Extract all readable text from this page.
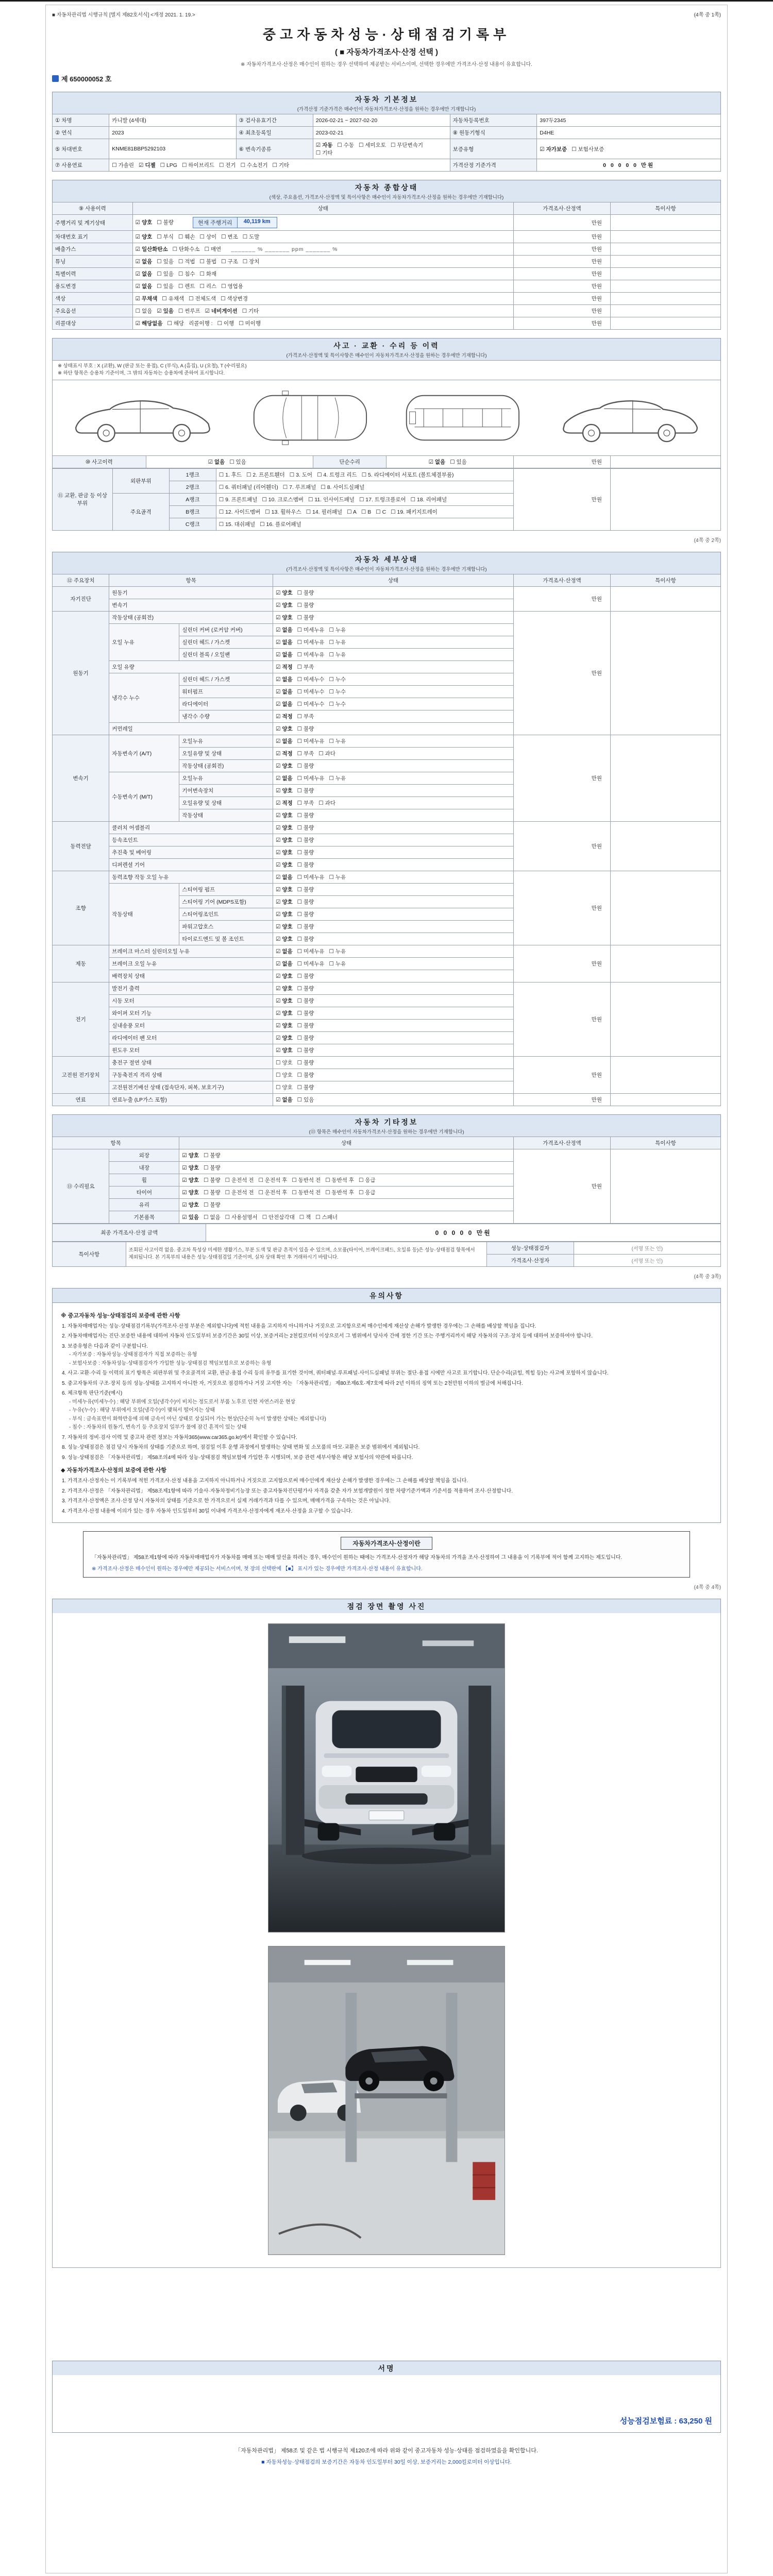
■ 자동차관리법 시행규칙 [별지 제82호서식] <개정 2021. 1. 19.>	(4쪽 중 1쪽)
중고자동차성능·상태점검기록부
( ■ 자동차가격조사·산정 선택 )
※ 자동차가격조사·산정은 매수인이 원하는 경우 선택하여 제공받는 서비스이며, 선택한 경우에만 가격조사·산정 내용이 유효합니다.
제 650000052 호
자동차 기본정보
(가격산정 기준가격은 매수인이 자동차가격조사·산정을 원하는 경우에만 기재합니다)
① 차명	카니발 (4세대)	③ 검사유효기간	2026-02-21 ~ 2027-02-20	자동차등록번호	397두2345
② 연식	2023	④ 최초등록일	2023-02-21	⑧ 원동기형식	D4HE
⑤ 차대번호	KNME81BBP5292103	⑥ 변속기종류	☑ 자동 ☐ 수동 ☐ 세미오토 ☐ 무단변속기☐ 기타	보증유형	☑ 자가보증 ☐ 보험사보증
⑦ 사용연료	☐ 가솔린 ☑ 디젤 ☐ LPG ☐ 하이브리드 ☐ 전기 ☐ 수소전기 ☐ 기타			가격산정 기준가격	0 0 0 0 0 만원
자동차 종합상태
(색상, 주요옵션, 가격조사·산정액 및 특이사항은 매수인이 자동차가격조사·산정을 원하는 경우에만 기재합니다)
⑨ 사용이력	상태	가격조사·산정액	특이사항
주행거리 및 계기상태	☑ 양호 ☐ 불량 현재 주행거리 40,119 km	만원	
차대번호 표기	☑ 양호 ☐ 부식 ☐ 훼손 ☐ 상이 ☐ 변조 ☐ 도말	만원	
배출가스	☑ 일산화탄소 ☐ 탄화수소 ☐ 매연 _______ % _______ ppm _______ %	만원	
튜닝	☑ 없음 ☐ 있음 ☐ 적법 ☐ 불법 ☐ 구조 ☐ 장치	만원	
특별이력	☑ 없음 ☐ 있음 ☐ 침수 ☐ 화재	만원	
용도변경	☑ 없음 ☐ 있음 ☐ 렌트 ☐ 리스 ☐ 영업용	만원	
색상	☑ 무채색 ☐ 유채색 ☐ 전체도색 ☐ 색상변경	만원	
주요옵션	☐ 없음 ☑ 있음 ☐ 썬루프 ☑ 네비게이션 ☐ 기타	만원	
리콜대상	☑ 해당없음 ☐ 해당 리콜이행 : ☐ 이행 ☐ 미이행	만원	
사고 · 교환 · 수리 등 이력
(가격조사·산정액 및 특이사항은 매수인이 자동차가격조사·산정을 원하는 경우에만 기재합니다)
※ 상태표시 부호 : X (교환), W (판금 또는 용접), C (부식), A (흠집), U (요철), T (수리필요)
※ 하단 항목은 승용차 기준이며, 그 밖의 자동차는 승용차에 준하여 표시합니다.
⑩ 사고이력	☑ 없음 ☐ 있음	단순수리	☑ 없음 ☐ 있음	만원	
⑪ 교환, 판금 등 이상 부위	외판부위	1랭크	☐ 1. 후드 ☐ 2. 프론트휀더 ☐ 3. 도어 ☐ 4. 트렁크 리드 ☐ 5. 라디에이터 서포트 (볼트체결부품)	만원	
		2랭크	☐ 6. 쿼터패널 (리어휀더) ☐ 7. 루프패널 ☐ 8. 사이드실패널		
	주요골격	A랭크	☐ 9. 프론트패널 ☐ 10. 크로스멤버 ☐ 11. 인사이드패널 ☐ 17. 트렁크플로어 ☐ 18. 리어패널		
		B랭크	☐ 12. 사이드멤버 ☐ 13. 휠하우스 ☐ 14. 필러패널 ☐ A ☐ B ☐ C ☐ 19. 패키지트레이		
		C랭크	☐ 15. 대쉬패널 ☐ 16. 플로어패널		
(4쪽 중 2쪽)
자동차 세부상태
(가격조사·산정액 및 특이사항은 매수인이 자동차가격조사·산정을 원하는 경우에만 기재합니다)
⑫ 주요장치	항목		상태	가격조사·산정액	특이사항
자기진단	원동기		☑ 양호 ☐ 불량	만원	
	변속기		☑ 양호 ☐ 불량		
원동기	작동상태 (공회전)		☑ 양호 ☐ 불량	만원	
	오일 누유	실린더 커버 (로커암 커버)	☑ 없음 ☐ 미세누유 ☐ 누유		
		실린더 헤드 / 가스켓	☑ 없음 ☐ 미세누유 ☐ 누유		
		실린더 블록 / 오일팬	☑ 없음 ☐ 미세누유 ☐ 누유		
	오일 유량		☑ 적정 ☐ 부족		
	냉각수 누수	실린더 헤드 / 가스켓	☑ 없음 ☐ 미세누수 ☐ 누수		
		워터펌프	☑ 없음 ☐ 미세누수 ☐ 누수		
		라디에이터	☑ 없음 ☐ 미세누수 ☐ 누수		
		냉각수 수량	☑ 적정 ☐ 부족		
	커먼레일		☑ 양호 ☐ 불량		
변속기	자동변속기 (A/T)	오일누유	☑ 없음 ☐ 미세누유 ☐ 누유	만원	
		오일유량 및 상태	☑ 적정 ☐ 부족 ☐ 과다		
		작동상태 (공회전)	☑ 양호 ☐ 불량		
	수동변속기 (M/T)	오일누유	☑ 없음 ☐ 미세누유 ☐ 누유		
		기어변속장치	☑ 양호 ☐ 불량		
		오일유량 및 상태	☑ 적정 ☐ 부족 ☐ 과다		
		작동상태	☑ 양호 ☐ 불량		
동력전달	클러치 어셈블리		☑ 양호 ☐ 불량	만원	
	등속조인트		☑ 양호 ☐ 불량		
	추진축 및 베어링		☑ 양호 ☐ 불량		
	디퍼렌셜 기어		☑ 양호 ☐ 불량		
조향	동력조향 작동 오일 누유		☑ 없음 ☐ 미세누유 ☐ 누유	만원	
	작동상태	스티어링 펌프	☑ 양호 ☐ 불량		
		스티어링 기어 (MDPS포함)	☑ 양호 ☐ 불량		
		스티어링조인트	☑ 양호 ☐ 불량		
		파워고압호스	☑ 양호 ☐ 불량		
		타이로드엔드 및 볼 조인트	☑ 양호 ☐ 불량		
제동	브레이크 마스터 실린더오일 누유		☑ 없음 ☐ 미세누유 ☐ 누유	만원	
	브레이크 오일 누유		☑ 없음 ☐ 미세누유 ☐ 누유		
	배력장치 상태		☑ 양호 ☐ 불량		
전기	발전기 출력		☑ 양호 ☐ 불량	만원	
	시동 모터		☑ 양호 ☐ 불량		
	와이퍼 모터 기능		☑ 양호 ☐ 불량		
	실내송풍 모터		☑ 양호 ☐ 불량		
	라디에이터 팬 모터		☑ 양호 ☐ 불량		
	윈도우 모터		☑ 양호 ☐ 불량		
고전원 전기장치	충전구 절연 상태		☐ 양호 ☐ 불량	만원	
	구동축전지 격리 상태		☐ 양호 ☐ 불량		
	고전원전기배선 상태 (접속단자, 피복, 보호기구)		☐ 양호 ☐ 불량		
연료	연료누출 (LP가스 포함)		☑ 없음 ☐ 있음	만원	
자동차 기타정보
(⑬ 항목은 매수인이 자동차가격조사·산정을 원하는 경우에만 기재합니다)
항목		상태	가격조사·산정액	특이사항
⑬ 수리필요	외장	☑ 양호 ☐ 불량	만원	
	내장	☑ 양호 ☐ 불량		
	휠	☑ 양호 ☐ 불량 ☐ 운전석 전 ☐ 운전석 후 ☐ 동반석 전 ☐ 동반석 후 ☐ 응급		
	타이어	☑ 양호 ☐ 불량 ☐ 운전석 전 ☐ 운전석 후 ☐ 동반석 전 ☐ 동반석 후 ☐ 응급		
	유리	☑ 양호 ☐ 불량		
	기본품목	☑ 있음 ☐ 없음 ☐ 사용설명서 ☐ 안전삼각대 ☐ 잭 ☐ 스패너		
최종 가격조사·산정 금액	0 0 0 0 0 만원
특이사항	조회된 사고이력 없음. 중고차 특성상 미세한 생활기스, 부분 도색 및 판금 흔적이 있을 수 있으며, 소모품(타이어, 브레이크패드, 오일류 등)은 성능·상태점검 항목에서 제외됩니다. 본 기록부의 내용은 성능·상태점검일 기준이며, 실차 상태 확인 후 거래하시기 바랍니다.	성능·상태점검자	(서명 또는 인)
		가격조사·산정자	(서명 또는 인)
(4쪽 중 3쪽)
유의사항
※ 중고자동차 성능·상태점검의 보증에 관한 사항
1. 자동차매매업자는 성능·상태점검기록부(가격조사·산정 부분은 제외합니다)에 적힌 내용을 고지하지 아니하거나 거짓으로 고지함으로써 매수인에게 재산상 손해가 발생한 경우에는 그 손해를 배상할 책임을 집니다.
2. 자동차매매업자는 진단·보증한 내용에 대하여 자동차 인도일부터 보증기간은 30일 이상, 보증거리는 2천킬로미터 이상으로서 그 범위에서 당사자 간에 정한 기간 또는 주행거리까지 해당 자동차의 구조·장치 등에 대하여 보증하여야 합니다.
3. 보증유형은 다음과 같이 구분합니다.
- 자가보증 : 자동차성능·상태점검자가 직접 보증하는 유형
- 보험사보증 : 자동차성능·상태점검자가 가입한 성능·상태점검 책임보험으로 보증하는 유형
4. 사고·교환·수리 등 이력의 표기 항목은 외판부위 및 주요골격의 교환, 판금·용접 수리 등의 유무를 표기한 것이며, 쿼터패널·루프패널·사이드실패널 부위는 절단·용접 시에만 사고로 표기합니다. 단순수리(긁힘, 찍힘 등)는 사고에 포함하지 않습니다.
5. 중고자동차의 구조·장치 등의 성능·상태를 고지하지 아니한 자, 거짓으로 점검하거나 거짓 고지한 자는 「자동차관리법」 제80조제6호·제7호에 따라 2년 이하의 징역 또는 2천만원 이하의 벌금에 처해집니다.
6. 체크항목 판단기준(예시)
- 미세누유(미세누수) : 해당 부위에 오일(냉각수)이 비치는 정도로서 부품 노후로 인한 자연스러운 현상
- 누유(누수) : 해당 부위에서 오일(냉각수)이 맺혀서 떨어지는 상태
- 부식 : 금속표면이 화학반응에 의해 금속이 아닌 상태로 상실되어 가는 현상(단순히 녹이 발생한 상태는 제외합니다)
- 침수 : 자동차의 원동기, 변속기 등 주요장치 일부가 물에 잠긴 흔적이 있는 상태
7. 자동차의 정비·검사 이력 및 중고차 관련 정보는 자동차365(www.car365.go.kr)에서 확인할 수 있습니다.
8. 성능·상태점검은 점검 당시 자동차의 상태를 기준으로 하며, 점검일 이후 운행 과정에서 발생하는 상태 변화 및 소모품의 마모·교환은 보증 범위에서 제외됩니다.
9. 성능·상태점검은 「자동차관리법」 제58조의4에 따라 성능·상태점검 책임보험에 가입한 후 시행되며, 보증 관련 세부사항은 해당 보험사의 약관에 따릅니다.
◆ 자동차가격조사·산정의 보증에 관한 사항
1. 가격조사·산정자는 이 기록부에 적힌 가격조사·산정 내용을 고지하지 아니하거나 거짓으로 고지함으로써 매수인에게 재산상 손해가 발생한 경우에는 그 손해를 배상할 책임을 집니다.
2. 가격조사·산정은 「자동차관리법」 제58조제1항에 따라 기술사·자동차정비기능장 또는 중고자동차진단평가사 자격을 갖춘 자가 보험개발원이 정한 차량기준가액과 기준서를 적용하여 조사·산정합니다.
3. 가격조사·산정액은 조사·산정 당시 자동차의 상태를 기준으로 한 가격으로서 실제 거래가격과 다를 수 있으며, 매매가격을 구속하는 것은 아닙니다.
4. 가격조사·산정 내용에 이의가 있는 경우 자동차 인도일부터 30일 이내에 가격조사·산정자에게 재조사·산정을 요구할 수 있습니다.
자동차가격조사·산정이란
「자동차관리법」 제58조제1항에 따라 자동차매매업자가 자동차를 매매 또는 매매 알선을 하려는 경우, 매수인이 원하는 때에는 가격조사·산정자가 해당 자동차의 가격을 조사·산정하여 그 내용을 이 기록부에 적어 함께 고지하는 제도입니다.
※ 가격조사·산정은 매수인이 원하는 경우에만 제공되는 서비스이며, 첫 장의 선택란에 【■】 표시가 있는 경우에만 가격조사·산정 내용이 유효합니다.
(4쪽 중 4쪽)
점검 장면 촬영 사진
서명
성능점검보험료 : 63,250 원
「자동차관리법」 제58조 및 같은 법 시행규칙 제120조에 따라 위와 같이 중고자동차 성능·상태를 점검하였음을 확인합니다.
■ 자동차성능·상태점검의 보증기간은 자동차 인도일부터 30일 이상, 보증거리는 2,000킬로미터 이상입니다.
